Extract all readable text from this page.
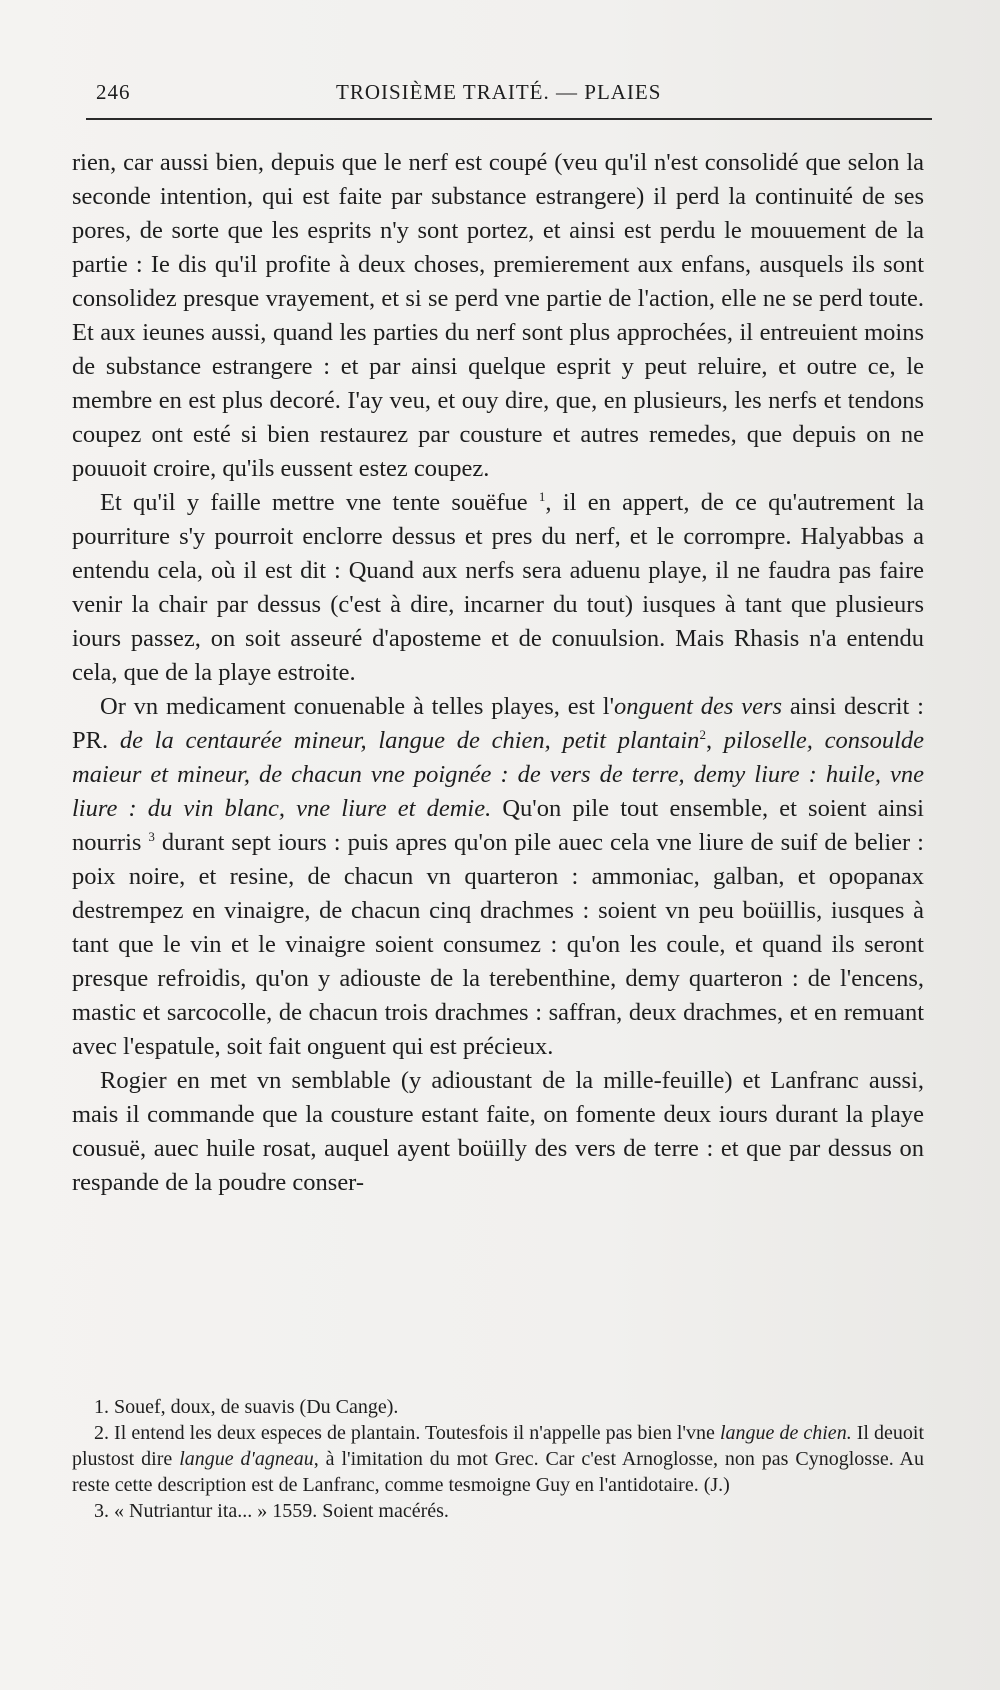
246	TROISIÈME TRAITÉ. — PLAIES

rien, car aussi bien, depuis que le nerf est coupé (veu qu'il n'est consolidé que selon la seconde intention, qui est faite par substance estrangere) il perd la continuité de ses pores, de sorte que les esprits n'y sont portez, et ainsi est perdu le mouuement de la partie : Ie dis qu'il profite à deux choses, premierement aux enfans, ausquels ils sont consolidez presque vrayement, et si se perd vne partie de l'action, elle ne se perd toute. Et aux ieunes aussi, quand les parties du nerf sont plus approchées, il entreuient moins de substance estrangere : et par ainsi quelque esprit y peut reluire, et outre ce, le membre en est plus decoré. I'ay veu, et ouy dire, que, en plusieurs, les nerfs et tendons coupez ont esté si bien restaurez par cousture et autres remedes, que depuis on ne pouuoit croire, qu'ils eussent estez coupez.

Et qu'il y faille mettre vne tente souëfue $^1$, il en appert, de ce qu'autrement la pourriture s'y pourroit enclorre dessus et pres du nerf, et le corrompre. Halyabbas a entendu cela, où il est dit : Quand aux nerfs sera aduenu playe, il ne faudra pas faire venir la chair par dessus (c'est à dire, incarner du tout) iusques à tant que plusieurs iours passez, on soit asseuré d'aposteme et de conuulsion. Mais Rhasis n'a entendu cela, que de la playe estroite.

Or vn medicament conuenable à telles playes, est l'onguent des vers ainsi descrit : PR. de la centaurée mineur, langue de chien, petit plantain$^2$, piloselle, consoulde maieur et mineur, de chacun vne poignée : de vers de terre, demy liure : huile, vne liure : du vin blanc, vne liure et demie. Qu'on pile tout ensemble, et soient ainsi nourris $^3$ durant sept iours : puis apres qu'on pile auec cela vne liure de suif de belier : poix noire, et resine, de chacun vn quarteron : ammoniac, galban, et opopanax destrempez en vinaigre, de chacun cinq drachmes : soient vn peu boüillis, iusques à tant que le vin et le vinaigre soient consumez : qu'on les coule, et quand ils seront presque refroidis, qu'on y adiouste de la terebenthine, demy quarteron : de l'encens, mastic et sarcocolle, de chacun trois drachmes : saffran, deux drachmes, et en remuant avec l'espatule, soit fait onguent qui est précieux.

Rogier en met vn semblable (y adioustant de la mille-feuille) et Lanfranc aussi, mais il commande que la cousture estant faite, on fomente deux iours durant la playe cousuë, auec huile rosat, auquel ayent boüilly des vers de terre : et que par dessus on respande de la poudre conser-

1. Souef, doux, de suavis (Du Cange).

2. Il entend les deux especes de plantain. Toutesfois il n'appelle pas bien l'vne langue de chien. Il deuoit plustost dire langue d'agneau, à l'imitation du mot Grec. Car c'est Arnoglosse, non pas Cynoglosse. Au reste cette description est de Lanfranc, comme tesmoigne Guy en l'antidotaire. (J.)

3. « Nutriantur ita... » 1559. Soient macérés.
